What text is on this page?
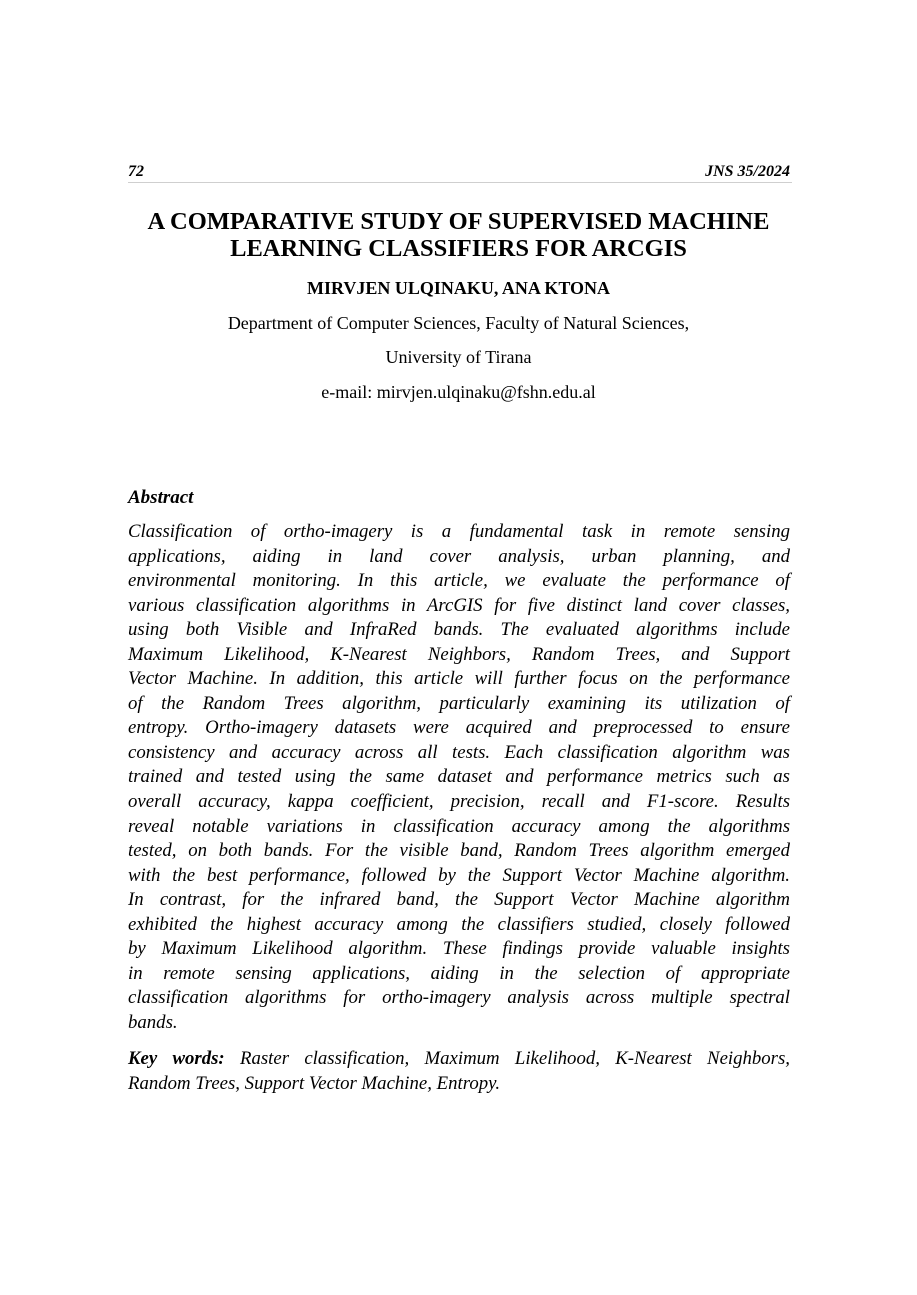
72	JNS 35/2024
A COMPARATIVE STUDY OF SUPERVISED MACHINE
LEARNING CLASSIFIERS FOR ARCGIS
MIRVJEN ULQINAKU, ANA KTONA
Department of Computer Sciences, Faculty of Natural Sciences,
University of Tirana
e-mail: mirvjen.ulqinaku@fshn.edu.al
Abstract

Classification of ortho-imagery is a fundamental task in remote sensing
applications, aiding in land cover analysis, urban planning, and
environmental monitoring. In this article, we evaluate the performance of
various classification algorithms in ArcGIS for five distinct land cover classes,
using both Visible and InfraRed bands. The evaluated algorithms include
Maximum Likelihood, K-Nearest Neighbors, Random Trees, and Support
Vector Machine. In addition, this article will further focus on the performance
of the Random Trees algorithm, particularly examining its utilization of
entropy. Ortho-imagery datasets were acquired and preprocessed to ensure
consistency and accuracy across all tests. Each classification algorithm was
trained and tested using the same dataset and performance metrics such as
overall accuracy, kappa coefficient, precision, recall and F1-score. Results
reveal notable variations in classification accuracy among the algorithms
tested, on both bands. For the visible band, Random Trees algorithm emerged
with the best performance, followed by the Support Vector Machine algorithm.
In contrast, for the infrared band, the Support Vector Machine algorithm
exhibited the highest accuracy among the classifiers studied, closely followed
by Maximum Likelihood algorithm. These findings provide valuable insights
in remote sensing applications, aiding in the selection of appropriate
classification algorithms for ortho-imagery analysis across multiple spectral
bands.

Key words: Raster classification, Maximum Likelihood, K-Nearest Neighbors,
Random Trees, Support Vector Machine, Entropy.
